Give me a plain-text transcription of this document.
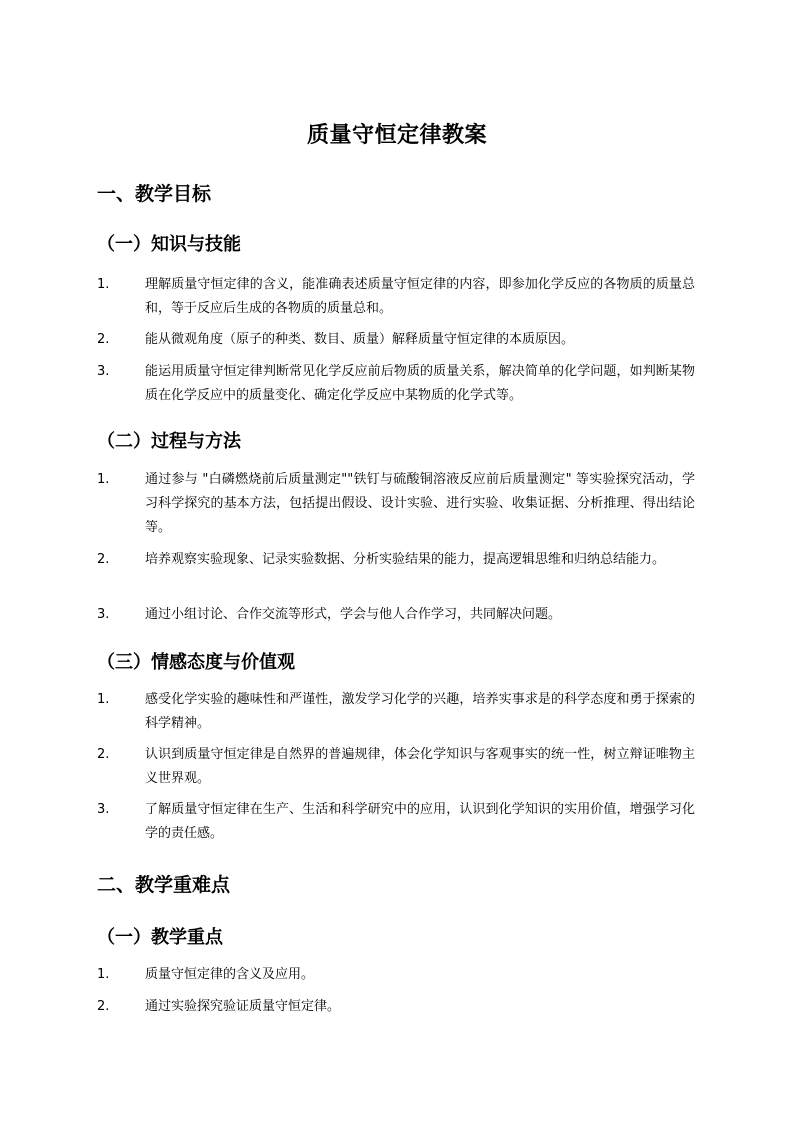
质量守恒定律教案
一、教学目标
（一）知识与技能
1.	理解质量守恒定律的含义，能准确表述质量守恒定律的内容，即参加化学反应的各物质的质量总和，等于反应后生成的各物质的质量总和。
2.	能从微观角度（原子的种类、数目、质量）解释质量守恒定律的本质原因。
3.	能运用质量守恒定律判断常见化学反应前后物质的质量关系，解决简单的化学问题，如判断某物质在化学反应中的质量变化、确定化学反应中某物质的化学式等。
（二）过程与方法
1.	通过参与 "白磷燃烧前后质量测定""铁钉与硫酸铜溶液反应前后质量测定" 等实验探究活动，学习科学探究的基本方法，包括提出假设、设计实验、进行实验、收集证据、分析推理、得出结论等。
2.	培养观察实验现象、记录实验数据、分析实验结果的能力，提高逻辑思维和归纳总结能力。
3.	通过小组讨论、合作交流等形式，学会与他人合作学习，共同解决问题。
（三）情感态度与价值观
1.	感受化学实验的趣味性和严谨性，激发学习化学的兴趣，培养实事求是的科学态度和勇于探索的科学精神。
2.	认识到质量守恒定律是自然界的普遍规律，体会化学知识与客观事实的统一性，树立辩证唯物主义世界观。
3.	了解质量守恒定律在生产、生活和科学研究中的应用，认识到化学知识的实用价值，增强学习化学的责任感。
二、教学重难点
（一）教学重点
1.	质量守恒定律的含义及应用。
2.	通过实验探究验证质量守恒定律。
